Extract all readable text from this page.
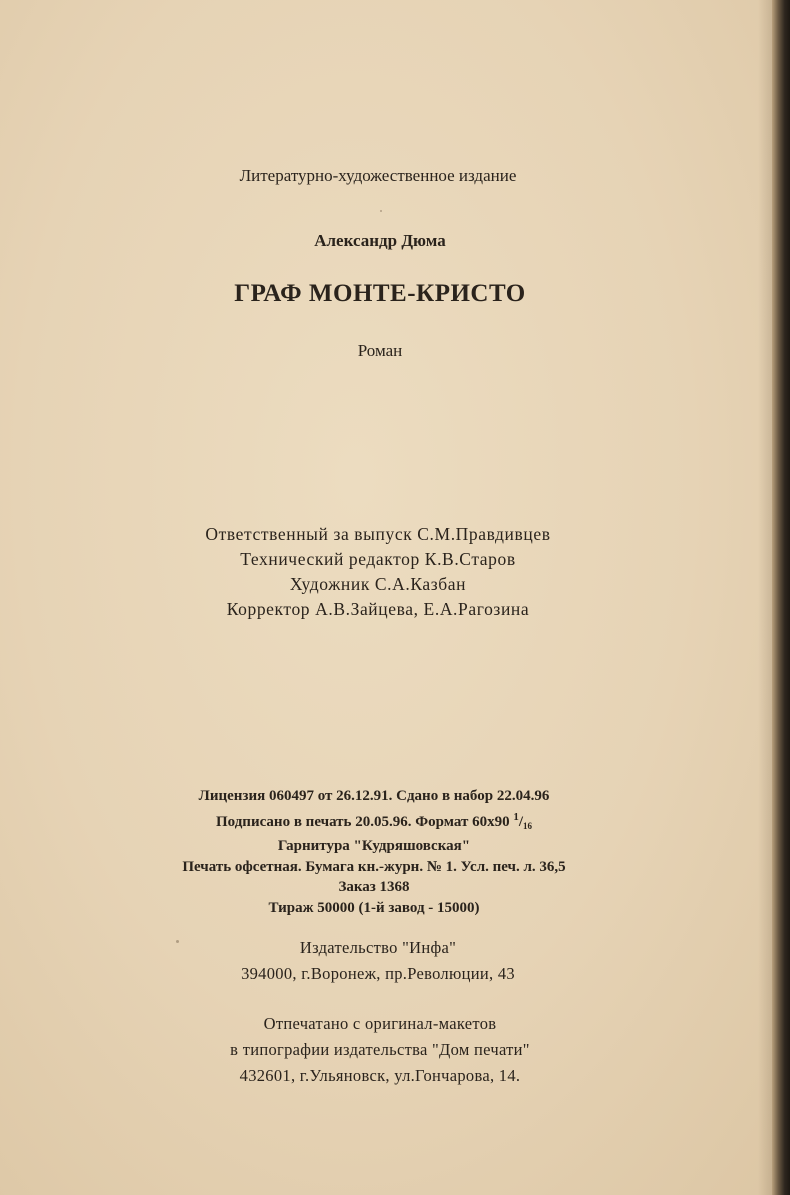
Литературно-художественное издание
Александр Дюма
ГРАФ МОНТЕ-КРИСТО
Роман
Ответственный за выпуск С.М.Правдивцев
Технический редактор К.В.Старов
Художник С.А.Казбан
Корректор А.В.Зайцева, Е.А.Рагозина
Лицензия 060497 от 26.12.91. Сдано в набор 22.04.96
Подписано в печать 20.05.96. Формат 60х90 $^1/_{16}$
Гарнитура "Кудряшовская"
Печать офсетная. Бумага кн.-журн. № 1. Усл. печ. л. 36,5
Заказ 1368
Тираж 50000 (1-й завод - 15000)
Издательство "Инфа"
394000, г.Воронеж, пр.Революции, 43
Отпечатано с оригинал-макетов
в типографии издательства "Дом печати"
432601, г.Ульяновск, ул.Гончарова, 14.
